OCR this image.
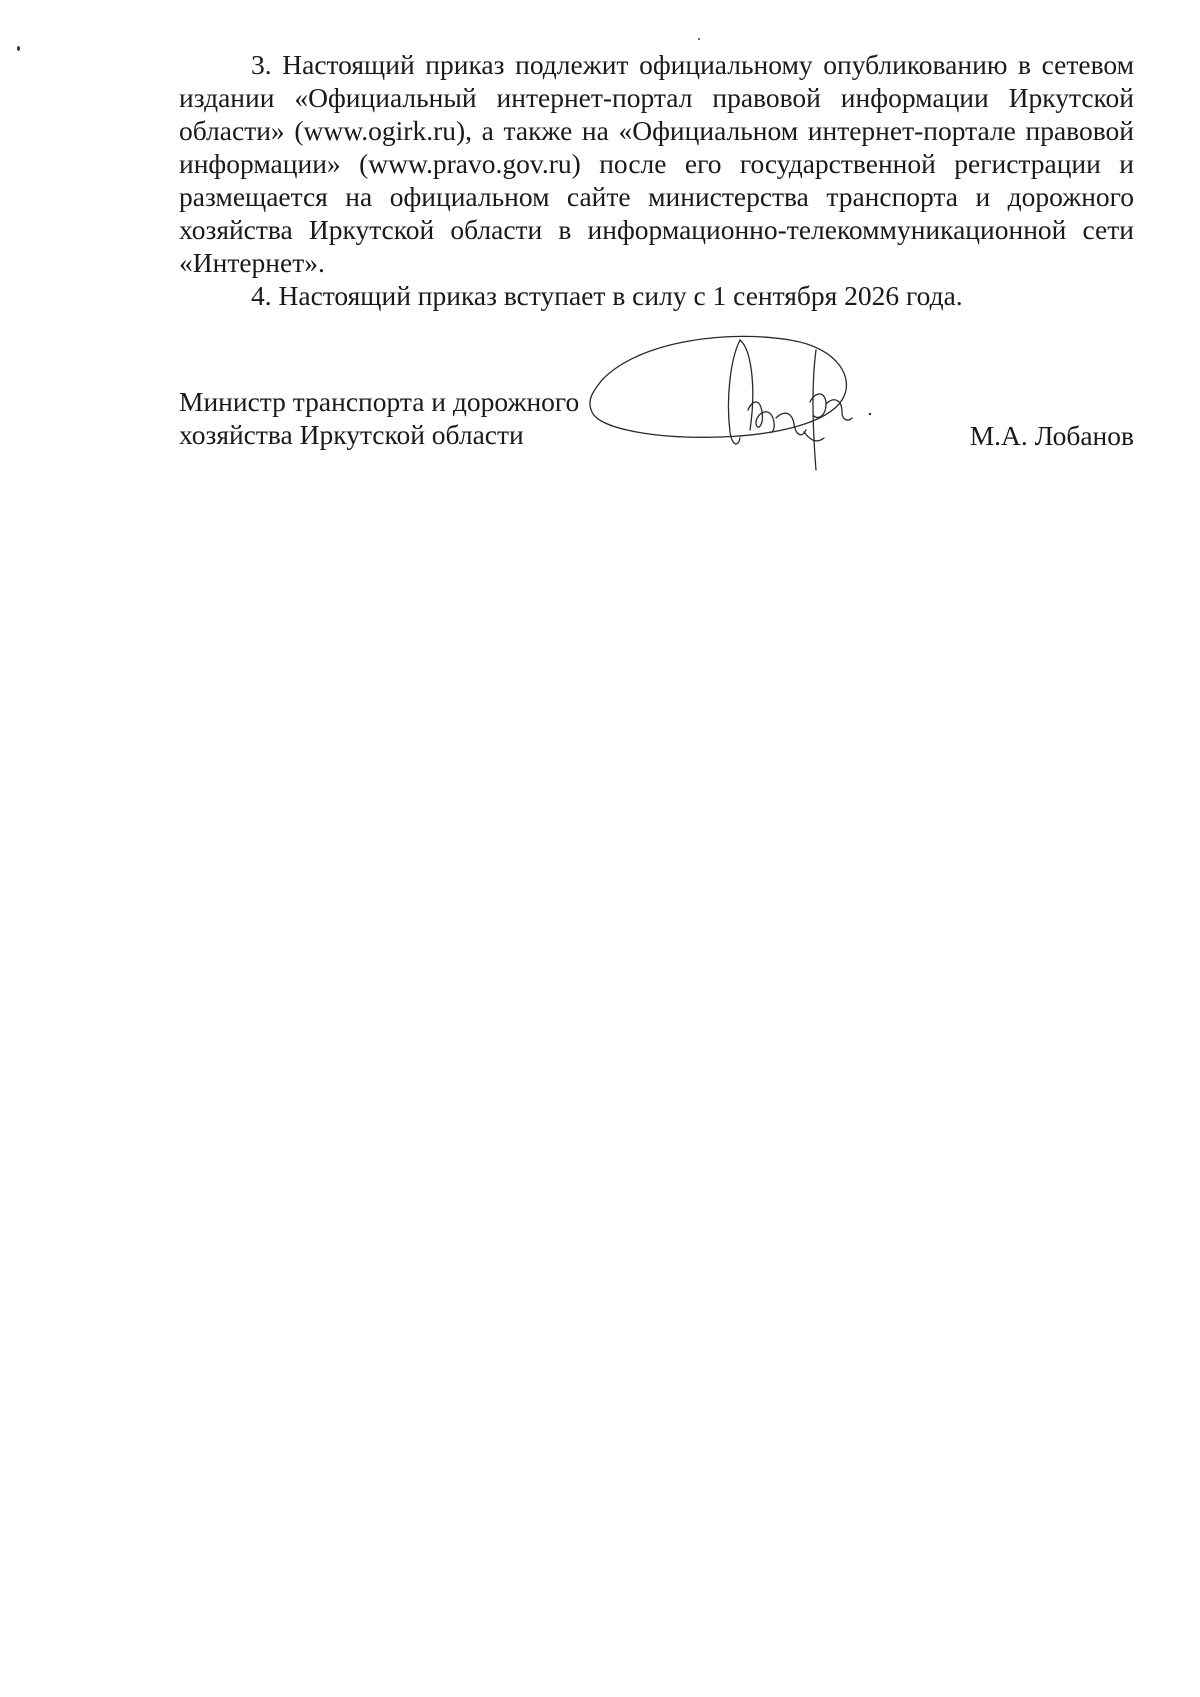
3. Настоящий приказ подлежит официальному опубликованию в сетевом издании «Официальный интернет-портал правовой информации Иркутской области» (www.ogirk.ru), а также на «Официальном интернет-портале правовой информации» (www.pravo.gov.ru) после его государственной регистрации и размещается на официальном сайте министерства транспорта и дорожного хозяйства Иркутской области в информационно-телекоммуникационной сети «Интернет».

4. Настоящий приказ вступает в силу с 1 сентября 2026 года.

Министр транспорта и дорожного
хозяйства Иркутской области	М.А. Лобанов
